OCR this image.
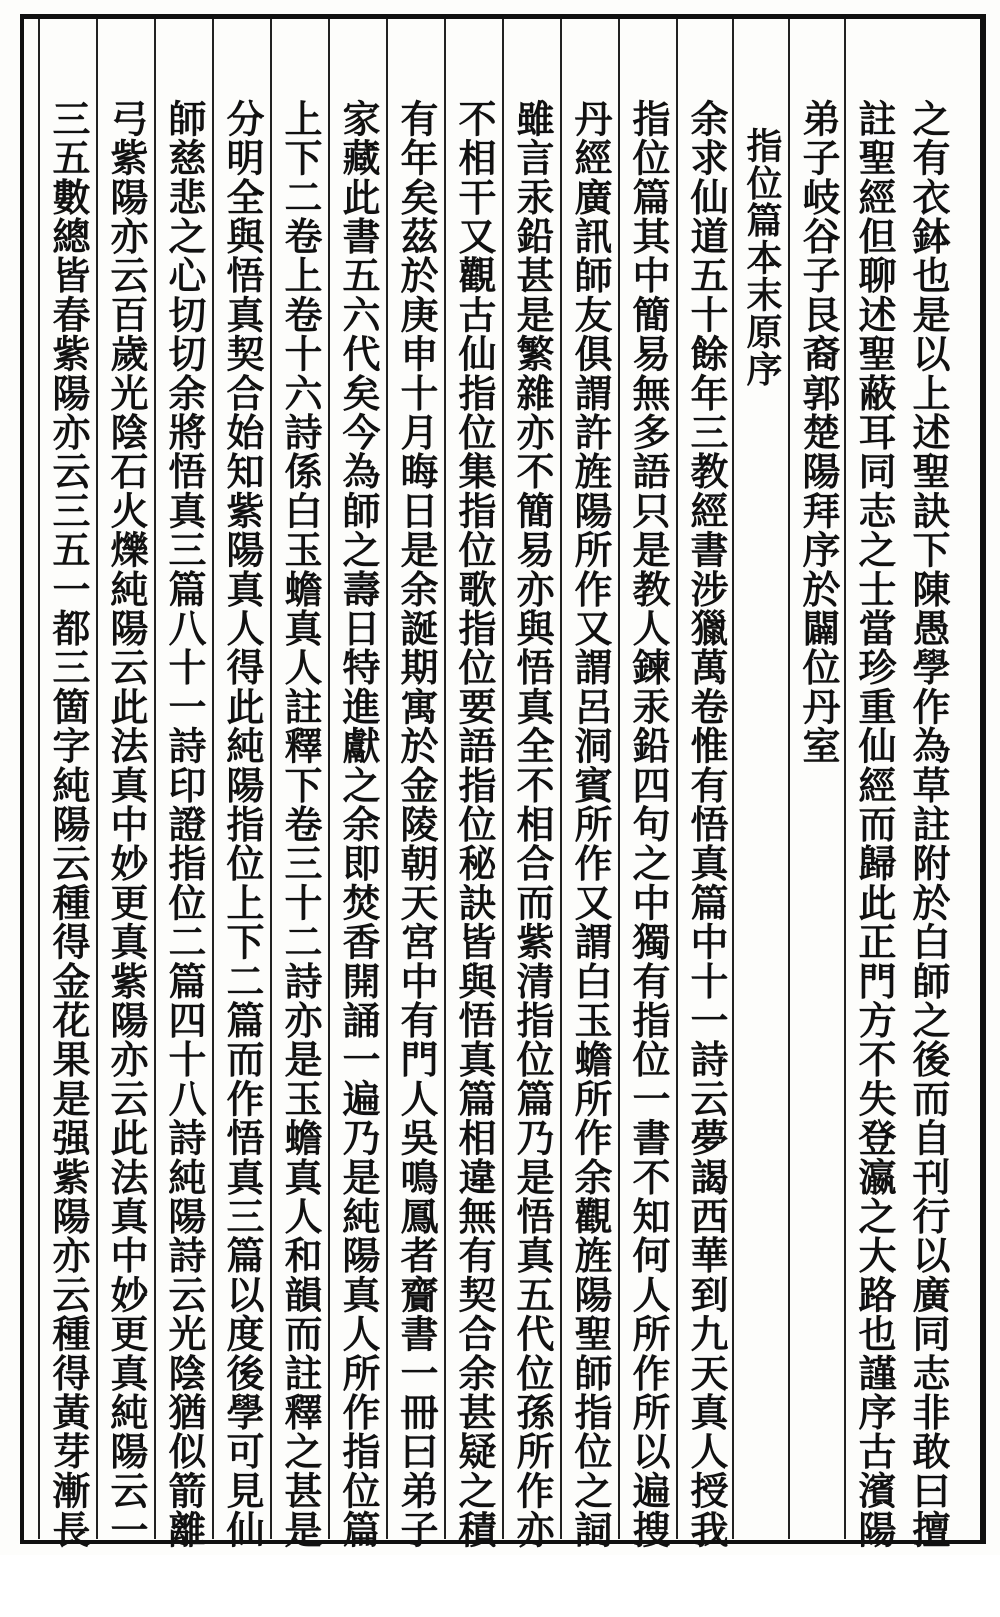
之有衣鉢也是以上述聖訣下陳愚學作為草註附於白師之後而自刊行以廣同志非敢曰擅
註聖經但聊述聖蔽耳同志之士當珍重仙經而歸此正門方不失登瀛之大路也謹序古濱陽
弟子岐谷子艮裔郭楚陽拜序於闢位丹室
指位篇本末原序
余求仙道五十餘年三教經書涉獵萬卷惟有悟真篇中十一詩云夢謁西華到九天真人授我
指位篇其中簡易無多語只是教人鍊汞鉛四句之中獨有指位一書不知何人所作所以遍搜
丹經廣訊師友俱謂許旌陽所作又謂呂洞賓所作又謂白玉蟾所作余觀旌陽聖師指位之詞
雖言汞鉛甚是繁雜亦不簡易亦與悟真全不相合而紫清指位篇乃是悟真五代位孫所作亦
不相干又觀古仙指位集指位歌指位要語指位秘訣皆與悟真篇相違無有契合余甚疑之積
有年矣茲於庚申十月晦日是余誕期寓於金陵朝天宮中有門人吳鳴鳳者齎書一冊曰弟子
家藏此書五六代矣今為師之壽日特進獻之余即焚香開誦一遍乃是純陽真人所作指位篇
上下二卷上卷十六詩係白玉蟾真人註釋下卷三十二詩亦是玉蟾真人和韻而註釋之甚是
分明全與悟真契合始知紫陽真人得此純陽指位上下二篇而作悟真三篇以度後學可見仙
師慈悲之心切切余將悟真三篇八十一詩印證指位二篇四十八詩純陽詩云光陰猶似箭離
弓紫陽亦云百歲光陰石火爍純陽云此法真中妙更真紫陽亦云此法真中妙更真純陽云一
三五數總皆春紫陽亦云三五一都三箇字純陽云種得金花果是强紫陽亦云種得黃芽漸長
